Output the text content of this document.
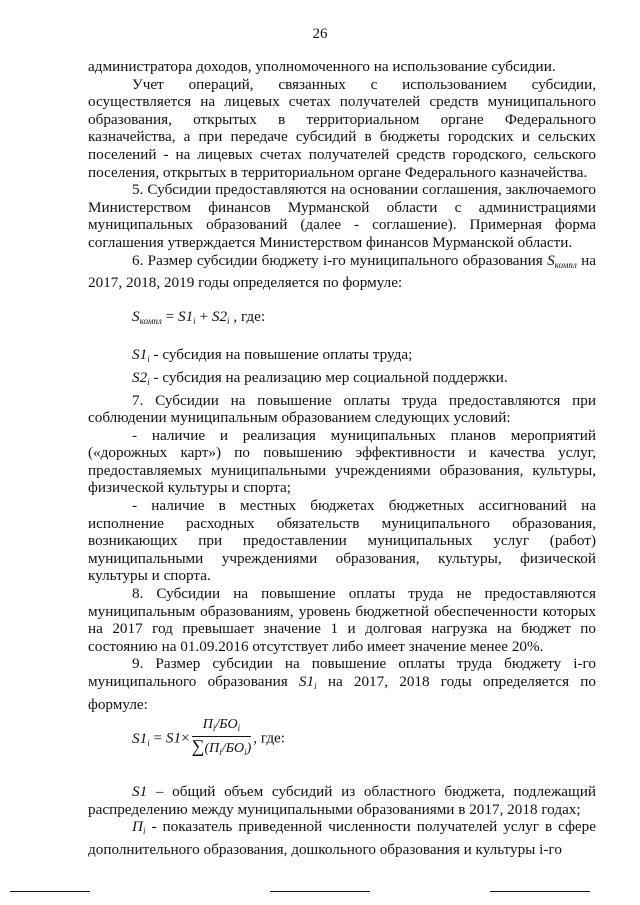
26

администратора доходов, уполномоченного на использование субсидии.

Учет операций, связанных с использованием субсидии, осуществляется на лицевых счетах получателей средств муниципального образования, открытых в территориальном органе Федерального казначейства, а при передаче субсидий в бюджеты городских и сельских поселений - на лицевых счетах получателей средств городского, сельского поселения, открытых в территориальном органе Федерального казначейства.

5. Субсидии предоставляются на основании соглашения, заключаемого Министерством финансов Мурманской области с администрациями муниципальных образований (далее - соглашение). Примерная форма соглашения утверждается Министерством финансов Мурманской области.

6. Размер субсидии бюджету i-го муниципального образования $S_{компл}$ на 2017, 2018, 2019 годы определяется по формуле:

$S_{компл} = S1_i + S2_i$ , где:

$S1_i$ - субсидия на повышение оплаты труда;

$S2_i$ - субсидия на реализацию мер социальной поддержки.

7. Субсидии на повышение оплаты труда предоставляются при соблюдении муниципальным образованием следующих условий:

- наличие и реализация муниципальных планов мероприятий («дорожных карт») по повышению эффективности и качества услуг, предоставляемых муниципальными учреждениями образования, культуры, физической культуры и спорта;

- наличие в местных бюджетах бюджетных ассигнований на исполнение расходных обязательств муниципального образования, возникающих при предоставлении муниципальных услуг (работ) муниципальными учреждениями образования, культуры, физической культуры и спорта.

8. Субсидии на повышение оплаты труда не предоставляются муниципальным образованиям, уровень бюджетной обеспеченности которых на 2017 год превышает значение 1 и долговая нагрузка на бюджет по состоянию на 01.09.2016 отсутствует либо имеет значение менее 20%.

9. Размер субсидии на повышение оплаты труда бюджету i-го муниципального образования $S1_i$ на 2017, 2018 годы определяется по формуле:

$S1_i = S1\times \frac{П_i/БО_i}{\sum(П_i/БО_i)}$ , где:

S1 – общий объем субсидий из областного бюджета, подлежащий распределению между муниципальными образованиями в 2017, 2018 годах;

$П_i$ - показатель приведенной численности получателей услуг в сфере дополнительного образования, дошкольного образования и культуры i-го
